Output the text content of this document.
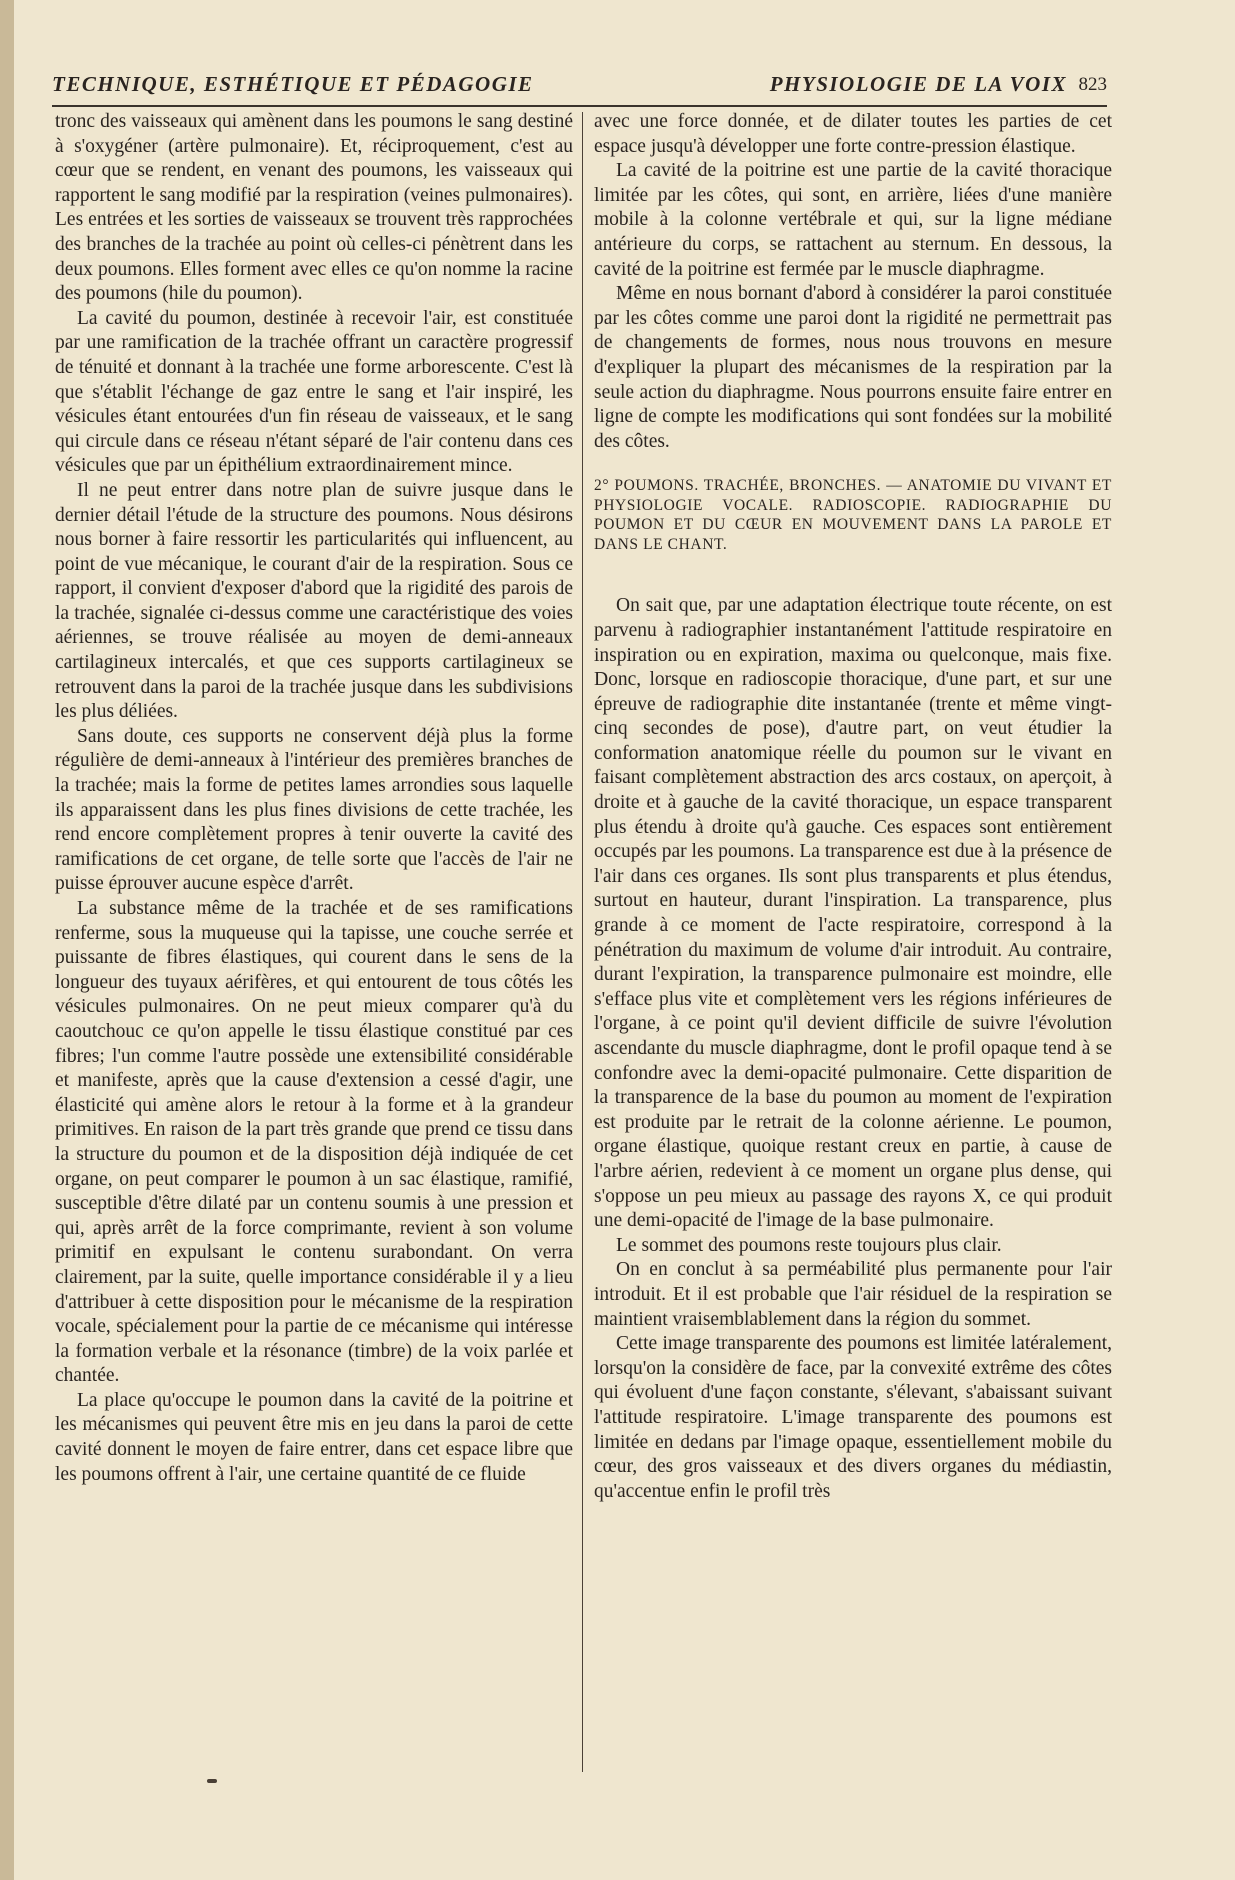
TECHNIQUE, ESTHÉTIQUE ET PÉDAGOGIE	PHYSIOLOGIE DE LA VOIX 823

tronc des vaisseaux qui amènent dans les poumons le sang destiné à s'oxygéner (artère pulmonaire). Et, réciproquement, c'est au cœur que se rendent, en venant des poumons, les vaisseaux qui rapportent le sang modifié par la respiration (veines pulmonaires). Les entrées et les sorties de vaisseaux se trouvent très rapprochées des branches de la trachée au point où celles-ci pénètrent dans les deux poumons. Elles forment avec elles ce qu'on nomme la racine des poumons (hile du poumon).

La cavité du poumon, destinée à recevoir l'air, est constituée par une ramification de la trachée offrant un caractère progressif de ténuité et donnant à la trachée une forme arborescente. C'est là que s'établit l'échange de gaz entre le sang et l'air inspiré, les vésicules étant entourées d'un fin réseau de vaisseaux, et le sang qui circule dans ce réseau n'étant séparé de l'air contenu dans ces vésicules que par un épithélium extraordinairement mince.

Il ne peut entrer dans notre plan de suivre jusque dans le dernier détail l'étude de la structure des poumons. Nous désirons nous borner à faire ressortir les particularités qui influencent, au point de vue mécanique, le courant d'air de la respiration. Sous ce rapport, il convient d'exposer d'abord que la rigidité des parois de la trachée, signalée ci-dessus comme une caractéristique des voies aériennes, se trouve réalisée au moyen de demi-anneaux cartilagineux intercalés, et que ces supports cartilagineux se retrouvent dans la paroi de la trachée jusque dans les subdivisions les plus déliées.

Sans doute, ces supports ne conservent déjà plus la forme régulière de demi-anneaux à l'intérieur des premières branches de la trachée; mais la forme de petites lames arrondies sous laquelle ils apparaissent dans les plus fines divisions de cette trachée, les rend encore complètement propres à tenir ouverte la cavité des ramifications de cet organe, de telle sorte que l'accès de l'air ne puisse éprouver aucune espèce d'arrêt.

La substance même de la trachée et de ses ramifications renferme, sous la muqueuse qui la tapisse, une couche serrée et puissante de fibres élastiques, qui courent dans le sens de la longueur des tuyaux aérifères, et qui entourent de tous côtés les vésicules pulmonaires. On ne peut mieux comparer qu'à du caoutchouc ce qu'on appelle le tissu élastique constitué par ces fibres; l'un comme l'autre possède une extensibilité considérable et manifeste, après que la cause d'extension a cessé d'agir, une élasticité qui amène alors le retour à la forme et à la grandeur primitives. En raison de la part très grande que prend ce tissu dans la structure du poumon et de la disposition déjà indiquée de cet organe, on peut comparer le poumon à un sac élastique, ramifié, susceptible d'être dilaté par un contenu soumis à une pression et qui, après arrêt de la force comprimante, revient à son volume primitif en expulsant le contenu surabondant. On verra clairement, par la suite, quelle importance considérable il y a lieu d'attribuer à cette disposition pour le mécanisme de la respiration vocale, spécialement pour la partie de ce mécanisme qui intéresse la formation verbale et la résonance (timbre) de la voix parlée et chantée.

La place qu'occupe le poumon dans la cavité de la poitrine et les mécanismes qui peuvent être mis en jeu dans la paroi de cette cavité donnent le moyen de faire entrer, dans cet espace libre que les poumons offrent à l'air, une certaine quantité de ce fluide

avec une force donnée, et de dilater toutes les parties de cet espace jusqu'à développer une forte contre-pression élastique.

La cavité de la poitrine est une partie de la cavité thoracique limitée par les côtes, qui sont, en arrière, liées d'une manière mobile à la colonne vertébrale et qui, sur la ligne médiane antérieure du corps, se rattachent au sternum. En dessous, la cavité de la poitrine est fermée par le muscle diaphragme.

Même en nous bornant d'abord à considérer la paroi constituée par les côtes comme une paroi dont la rigidité ne permettrait pas de changements de formes, nous nous trouvons en mesure d'expliquer la plupart des mécanismes de la respiration par la seule action du diaphragme. Nous pourrons ensuite faire entrer en ligne de compte les modifications qui sont fondées sur la mobilité des côtes.

2° POUMONS. TRACHÉE, BRONCHES. — ANATOMIE DU VIVANT ET PHYSIOLOGIE VOCALE. RADIOSCOPIE. RADIOGRAPHIE DU POUMON ET DU CŒUR EN MOUVEMENT DANS LA PAROLE ET DANS LE CHANT.

On sait que, par une adaptation électrique toute récente, on est parvenu à radiographier instantanément l'attitude respiratoire en inspiration ou en expiration, maxima ou quelconque, mais fixe. Donc, lorsque en radioscopie thoracique, d'une part, et sur une épreuve de radiographie dite instantanée (trente et même vingt-cinq secondes de pose), d'autre part, on veut étudier la conformation anatomique réelle du poumon sur le vivant en faisant complètement abstraction des arcs costaux, on aperçoit, à droite et à gauche de la cavité thoracique, un espace transparent plus étendu à droite qu'à gauche. Ces espaces sont entièrement occupés par les poumons. La transparence est due à la présence de l'air dans ces organes. Ils sont plus transparents et plus étendus, surtout en hauteur, durant l'inspiration. La transparence, plus grande à ce moment de l'acte respiratoire, correspond à la pénétration du maximum de volume d'air introduit. Au contraire, durant l'expiration, la transparence pulmonaire est moindre, elle s'efface plus vite et complètement vers les régions inférieures de l'organe, à ce point qu'il devient difficile de suivre l'évolution ascendante du muscle diaphragme, dont le profil opaque tend à se confondre avec la demi-opacité pulmonaire. Cette disparition de la transparence de la base du poumon au moment de l'expiration est produite par le retrait de la colonne aérienne. Le poumon, organe élastique, quoique restant creux en partie, à cause de l'arbre aérien, redevient à ce moment un organe plus dense, qui s'oppose un peu mieux au passage des rayons X, ce qui produit une demi-opacité de l'image de la base pulmonaire.

Le sommet des poumons reste toujours plus clair.

On en conclut à sa perméabilité plus permanente pour l'air introduit. Et il est probable que l'air résiduel de la respiration se maintient vraisemblablement dans la région du sommet.

Cette image transparente des poumons est limitée latéralement, lorsqu'on la considère de face, par la convexité extrême des côtes qui évoluent d'une façon constante, s'élevant, s'abaissant suivant l'attitude respiratoire. L'image transparente des poumons est limitée en dedans par l'image opaque, essentiellement mobile du cœur, des gros vaisseaux et des divers organes du médiastin, qu'accentue enfin le profil très
